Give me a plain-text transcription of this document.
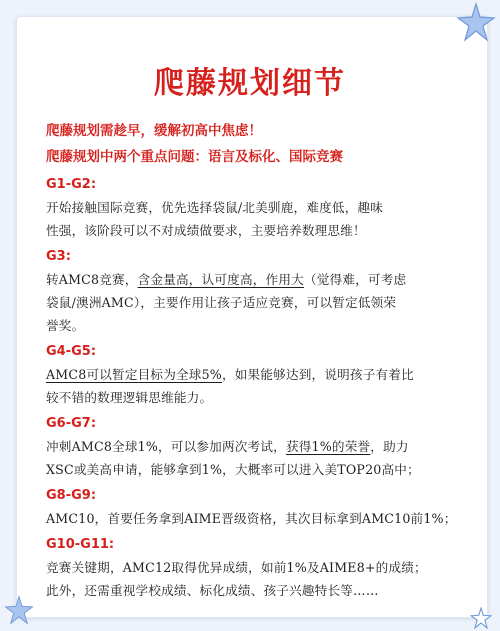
爬藤规划细节
爬藤规划需趁早，缓解初高中焦虑！
爬藤规划中两个重点问题：语言及标化、国际竞赛
G1-G2:
开始接触国际竞赛，优先选择袋鼠/北美驯鹿，难度低，趣味
性强，该阶段可以不对成绩做要求，主要培养数理思维！
G3:
转AMC8竞赛，含金量高，认可度高，作用大（觉得难，可考虑
袋鼠/澳洲AMC），主要作用让孩子适应竞赛，可以暂定低领荣
誉奖。
G4-G5:
AMC8可以暂定目标为全球5%，如果能够达到，说明孩子有着比
较不错的数理逻辑思维能力。
G6-G7:
冲刺AMC8全球1%，可以参加两次考试，获得1%的荣誉，助力
XSC或美高申请，能够拿到1%，大概率可以进入美TOP20高中；
G8-G9:
AMC10，首要任务拿到AIME晋级资格，其次目标拿到AMC10前1%；
G10-G11:
竞赛关键期，AMC12取得优异成绩，如前1%及AIME8+的成绩；
此外，还需重视学校成绩、标化成绩、孩子兴趣特长等……
